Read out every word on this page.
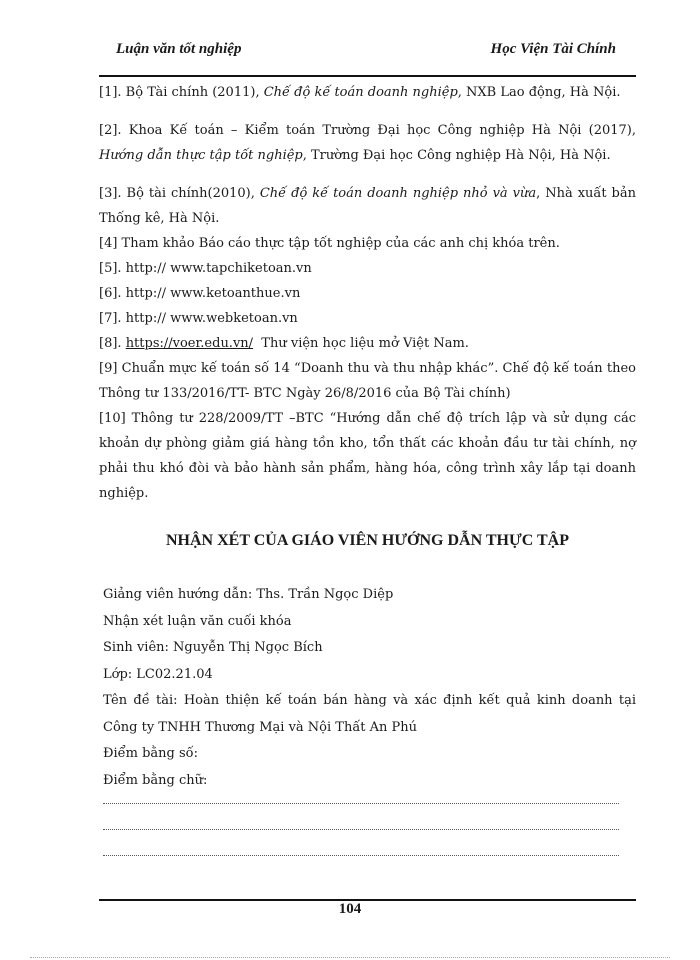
Luận văn tốt nghiệp	Học Viện Tài Chính

[1]. Bộ Tài chính (2011), Chế độ kế toán doanh nghiệp, NXB Lao động, Hà Nội.

[2]. Khoa Kế toán – Kiểm toán Trường Đại học Công nghiệp Hà Nội (2017), Hướng dẫn thực tập tốt nghiệp, Trường Đại học Công nghiệp Hà Nội, Hà Nội.

[3]. Bộ tài chính(2010), Chế độ kế toán doanh nghiệp nhỏ và vừa, Nhà xuất bản Thống kê, Hà Nội.

[4] Tham khảo Báo cáo thực tập tốt nghiệp của các anh chị khóa trên.

[5]. http:// www.tapchiketoan.vn

[6]. http:// www.ketoanthue.vn

[7]. http:// www.webketoan.vn

[8]. https://voer.edu.vn/  Thư viện học liệu mở Việt Nam.

[9] Chuẩn mực kế toán số 14 “Doanh thu và thu nhập khác”. Chế độ kế toán theo Thông tư 133/2016/TT- BTC Ngày 26/8/2016 của Bộ Tài chính)

[10] Thông tư 228/2009/TT –BTC “Hướng dẫn chế độ trích lập và sử dụng các khoản dự phòng giảm giá hàng tồn kho, tổn thất các khoản đầu tư tài chính, nợ phải thu khó đòi và bảo hành sản phẩm, hàng hóa, công trình xây lắp tại doanh nghiệp.

NHẬN XÉT CỦA GIÁO VIÊN HƯỚNG DẪN THỰC TẬP

Giảng viên hướng dẫn: Ths. Trần Ngọc Diệp

Nhận xét luận văn cuối khóa

Sinh viên: Nguyễn Thị Ngọc Bích

Lớp: LC02.21.04

Tên đề tài: Hoàn thiện kế toán bán hàng và xác định kết quả kinh doanh tại Công ty TNHH Thương Mại và Nội Thất An Phú

Điểm bằng số:

Điểm bằng chữ:

104
